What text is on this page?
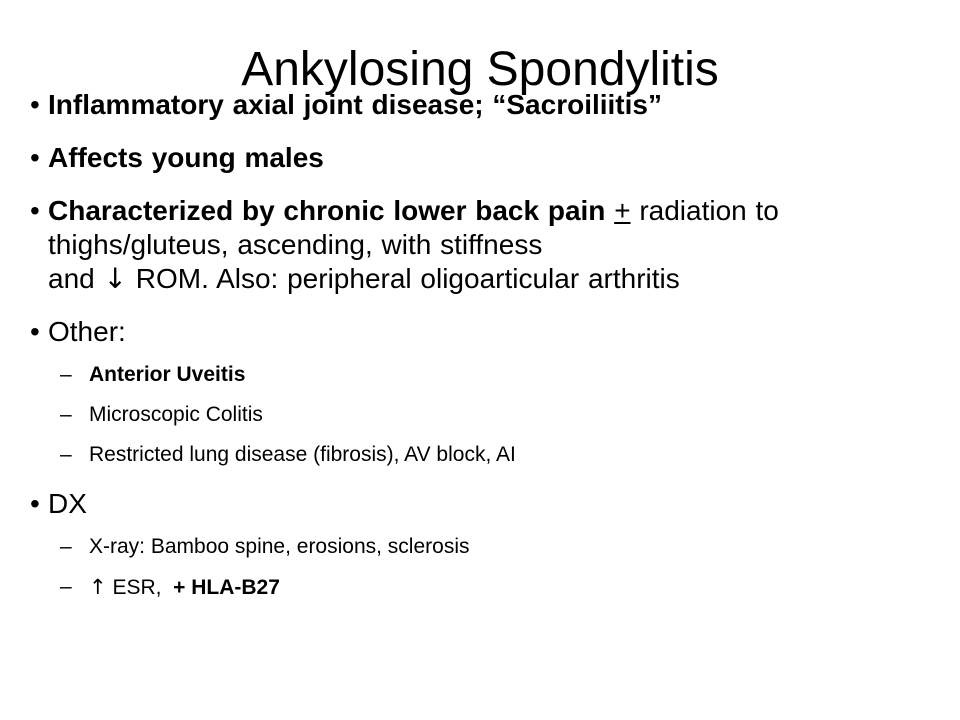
Ankylosing Spondylitis
• Inflammatory axial joint disease; “Sacroiliitis”
• Affects young males
• Characterized by chronic lower back pain + radiation to thighs/gluteus, ascending, with stiffness
and ↓ ROM. Also: peripheral oligoarticular arthritis
• Other:
– Anterior Uveitis
– Microscopic Colitis
– Restricted lung disease (fibrosis), AV block, AI
• DX
– X-ray: Bamboo spine, erosions, sclerosis
– ↑ ESR,  + HLA-B27
